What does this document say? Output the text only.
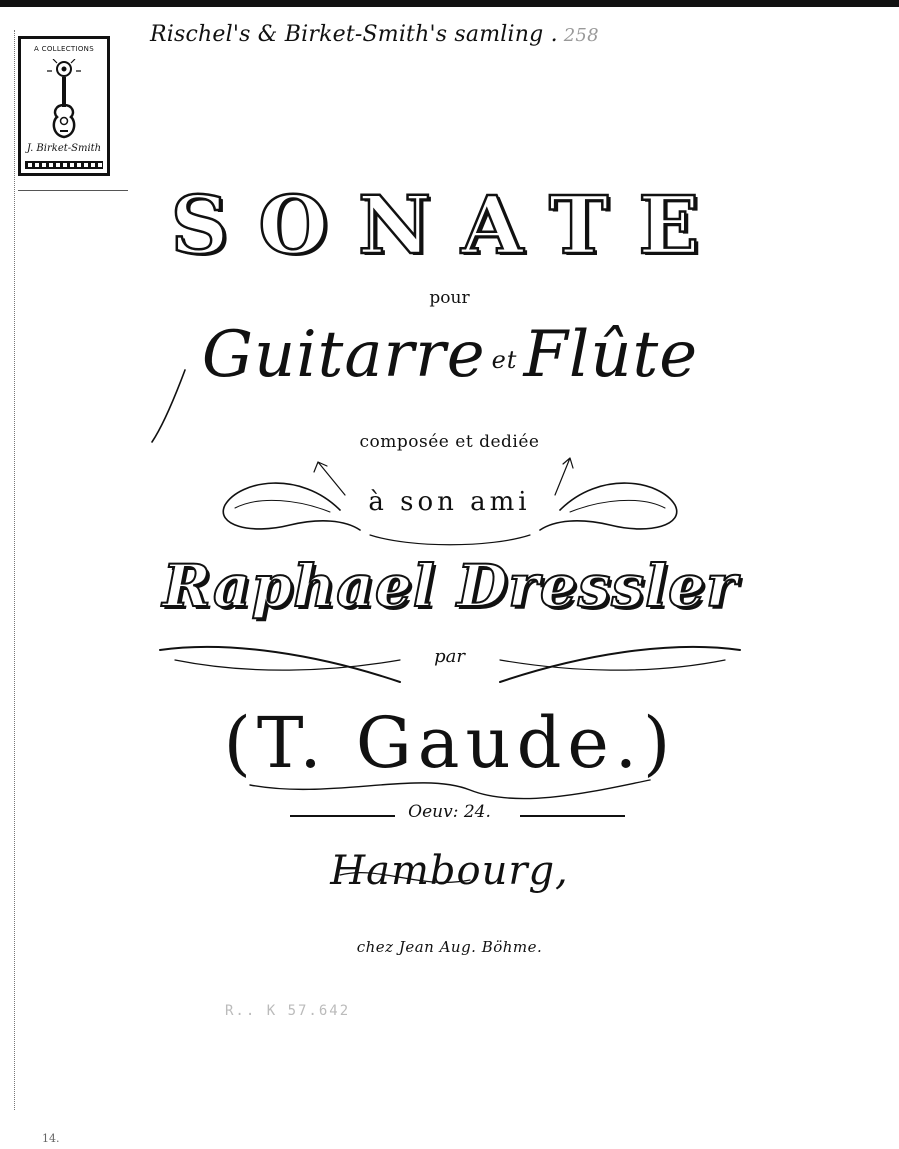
Rischel's & Birket-Smith's samling . 258
A COLLECTIONS
J. Birket-Smith
SONATE
pour
Guitarre etFlûte
composée et dediée
à son ami
Raphael Dressler
par
(T. Gaude.)
Oeuv: 24.
Hambourg,
chez Jean Aug. Böhme.
R.. K 57.642
14.
